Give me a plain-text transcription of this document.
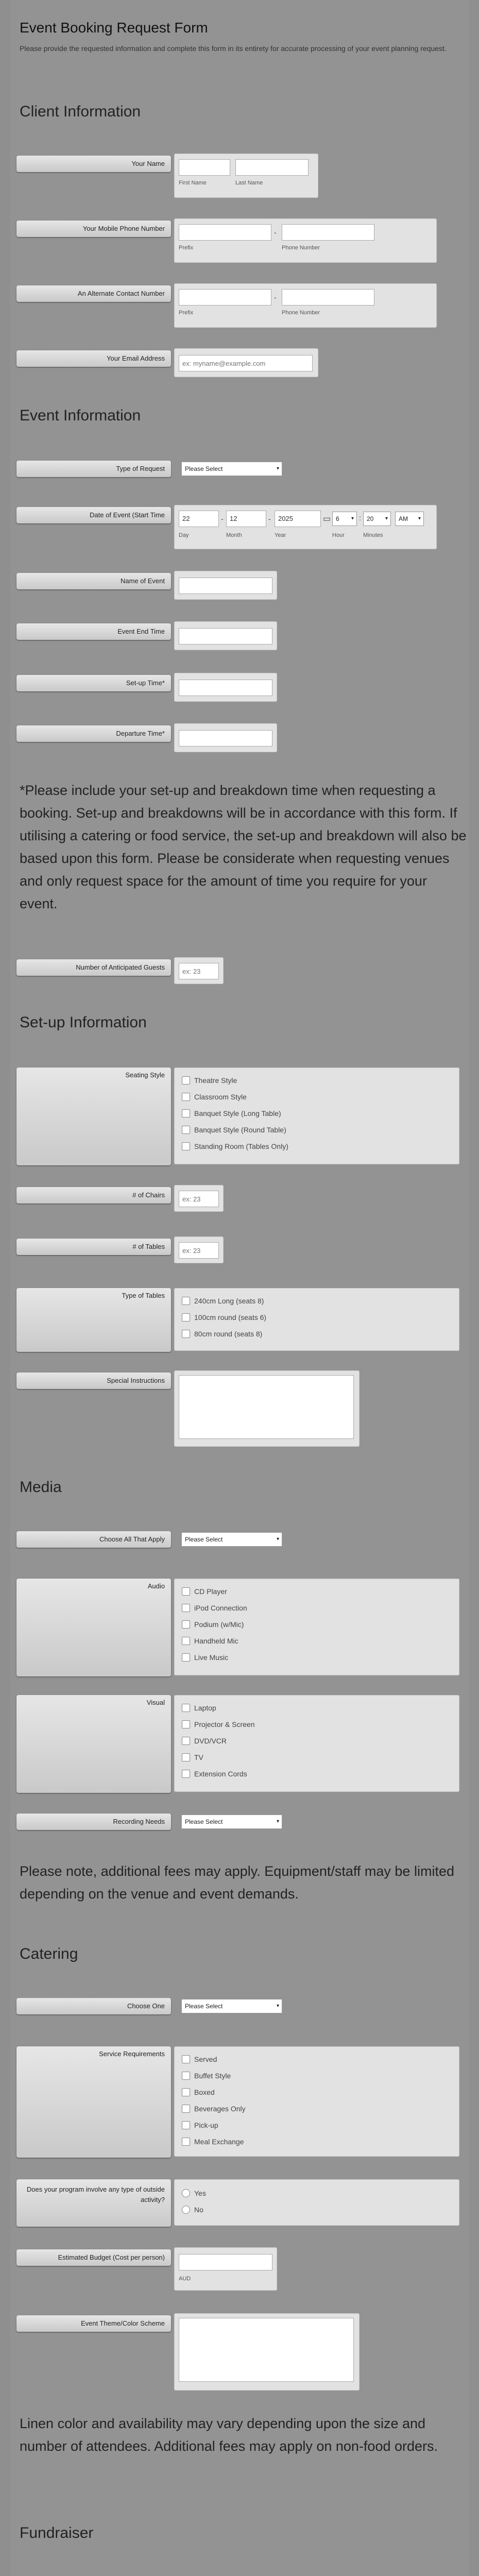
Event Booking Request Form
Please provide the requested information and complete this form in its entirety for accurate processing of your event planning request.
Client Information
Your Name
First Name	Last Name
Your Mobile Phone Number	-
Prefix	Phone Number
An Alternate Contact Number	-
Prefix	Phone Number
Your Email Address
ex: myname@example.com
Event Information
Type of Request	Please Select	▾
Date of Event (Start Time	22	- 12	-	2025	▭ 6 ▾ : 20 ▾	AM ▾
Day	Month	Year	Hour	Minutes
Name of Event
Event End Time
Set-up Time*
Departure Time*
*Please include your set-up and breakdown time when requesting a booking. Set-up and breakdowns will be in accordance with this form. If utilising a catering or food service, the set-up and breakdown will also be based upon this form. Please be considerate when requesting venues and only request space for the amount of time you require for your event.
Number of Anticipated Guests
ex: 23
Set-up Information
Seating Style
Theatre Style
Classroom Style
Banquet Style (Long Table)
Banquet Style (Round Table)
Standing Room (Tables Only)
# of Chairs
ex: 23
# of Tables
ex: 23
Type of Tables
240cm Long (seats 8)
100cm round (seats 6)
80cm round (seats 8)
Special Instructions
Media
Choose All That Apply	Please Select	▾
Audio
CD Player
iPod Connection
Podium (w/Mic)
Handheld Mic
Live Music
Visual
Laptop
Projector & Screen
DVD/VCR
TV
Extension Cords
Recording Needs	Please Select	▾
Please note, additional fees may apply. Equipment/staff may be limited depending on the venue and event demands.
Catering
Choose One	Please Select	▾
Service Requirements
Served
Buffet Style
Boxed
Beverages Only
Pick-up
Meal Exchange
Does your program involve any type of outside activity?
Yes
No
Estimated Budget (Cost per person)
AUD
Event Theme/Color Scheme
Linen color and availability may vary depending upon the size and number of attendees. Additional fees may apply on non-food orders.
Fundraiser
